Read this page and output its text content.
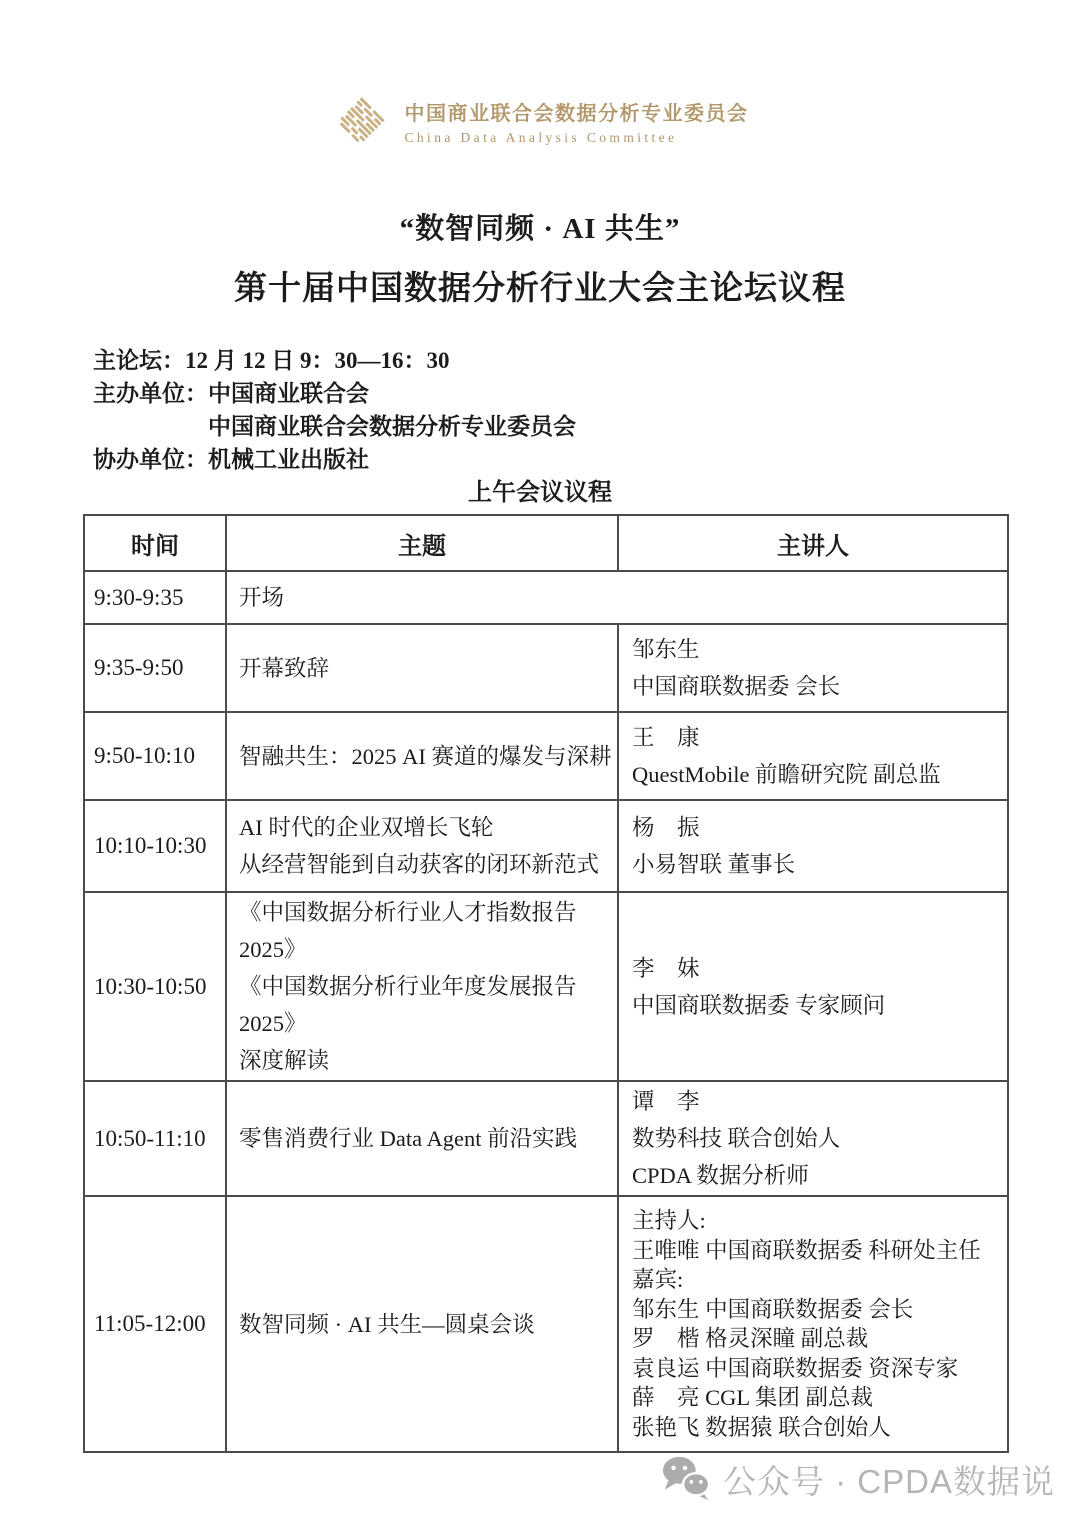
中国商业联合会数据分析专业委员会
China Data Analysis Committee
“数智同频 · AI 共生”
第十届中国数据分析行业大会主论坛议程
主论坛：12 月 12 日 9：30—16：30
主办单位：中国商业联合会
中国商业联合会数据分析专业委员会
协办单位：机械工业出版社
上午会议议程
时间	主题	主讲人
9:30-9:35	开场	
9:35-9:50	开幕致辞	邹东生
中国商联数据委 会长
9:50-10:10	智融共生：2025 AI 赛道的爆发与深耕	王　康
QuestMobile 前瞻研究院 副总监
10:10-10:30	AI 时代的企业双增长飞轮
从经营智能到自动获客的闭环新范式	杨　振
小易智联 董事长
10:30-10:50	《中国数据分析行业人才指数报告 2025》
《中国数据分析行业年度发展报告 2025》
深度解读	李　妹
中国商联数据委 专家顾问
10:50-11:10	零售消费行业 Data Agent 前沿实践	谭　李
数势科技 联合创始人
CPDA 数据分析师
11:05-12:00	数智同频 · AI 共生—圆桌会谈	主持人:
王唯唯 中国商联数据委 科研处主任
嘉宾:
邹东生 中国商联数据委 会长
罗　楷 格灵深瞳 副总裁
袁良运 中国商联数据委 资深专家
薛　亮 CGL 集团 副总裁
张艳飞 数据猿 联合创始人
公众号 · CPDA数据说
